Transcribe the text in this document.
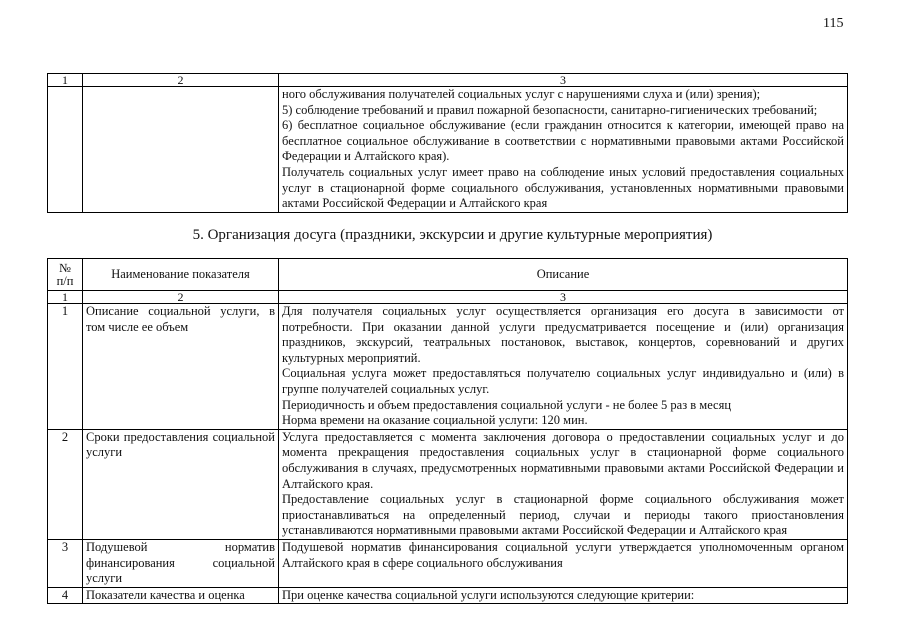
115
1	2	3

		ного обслуживания получателей социальных услуг с нарушениями слуха и (или) зрения);

5) соблюдение требований и правил пожарной безопасности, санитарно-гигиенических требований;

6) бесплатное социальное обслуживание (если гражданин относится к категории, имеющей право на бесплатное социальное обслуживание в соответствии с нормативными правовыми актами Российской Федерации и Алтайского края).

Получатель социальных услуг имеет право на соблюдение иных условий предоставления социальных услуг в стационарной форме социального обслуживания, установленных нормативными правовыми актами Российской Федерации и Алтайского края

5. Организация досуга (праздники, экскурсии и другие культурные мероприятия)
№ п/п	Наименование показателя	Описание
1	2	3
1	Описание социальной услуги, в том числе ее объем	Для получателя социальных услуг осуществляется организация его досуга в зависимости от потребности. При оказании данной услуги предусматривается посещение и (или) организация праздников, экскурсий, театральных постановок, выставок, концертов, соревнований и других культурных мероприятий.

Социальная услуга может предоставляться получателю социальных услуг индивидуально и (или) в группе получателей социальных услуг.

Периодичность и объем предоставления социальной услуги - не более 5 раз в месяц

Норма времени на оказание социальной услуги: 120 мин.

2	Сроки предоставления социальной услуги	Услуга предоставляется с момента заключения договора о предоставлении социальных услуг и до момента прекращения предоставления социальных услуг в стационарной форме социального обслуживания в случаях, предусмотренных нормативными правовыми актами Российской Федерации и Алтайского края.

Предоставление социальных услуг в стационарной форме социального обслуживания может приостанавливаться на определенный период, случаи и периоды такого приостановления устанавливаются нормативными правовыми актами Российской Федерации и Алтайского края

3	Подушевой норматив финансирования социальной услуги	Подушевой норматив финансирования социальной услуги утверждается уполномоченным органом Алтайского края в сфере социального обслуживания

4	Показатели качества и оценка	При оценке качества социальной услуги используются следующие критерии:
